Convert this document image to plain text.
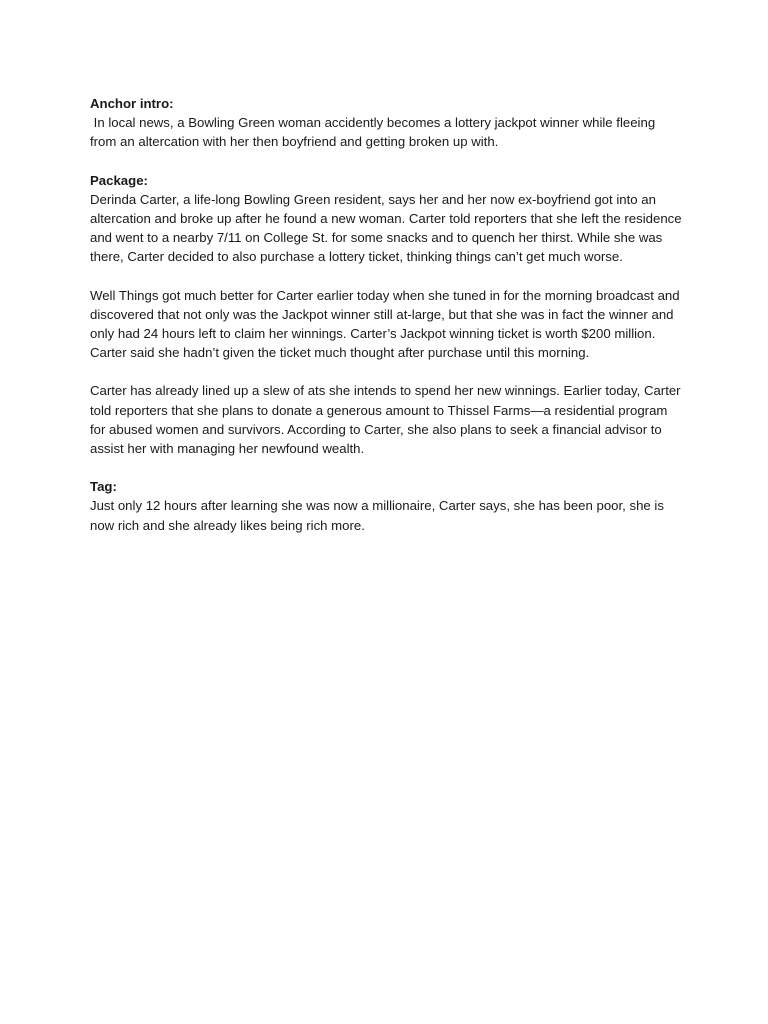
Anchor intro:

In local news, a Bowling Green woman accidently becomes a lottery jackpot winner while fleeing from an altercation with her then boyfriend and getting broken up with.

Package:

Derinda Carter, a life-long Bowling Green resident, says her and her now ex-boyfriend got into an altercation and broke up after he found a new woman. Carter told reporters that she left the residence and went to a nearby 7/11 on College St. for some snacks and to quench her thirst. While she was there, Carter decided to also purchase a lottery ticket, thinking things can’t get much worse.

Well Things got much better for Carter earlier today when she tuned in for the morning broadcast and discovered that not only was the Jackpot winner still at-large, but that she was in fact the winner and only had 24 hours left to claim her winnings. Carter’s Jackpot winning ticket is worth $200 million.

Carter said she hadn’t given the ticket much thought after purchase until this morning.

Carter has already lined up a slew of ats she intends to spend her new winnings. Earlier today, Carter told reporters that she plans to donate a generous amount to Thissel Farms—a residential program for abused women and survivors. According to Carter, she also plans to seek a financial advisor to assist her with managing her newfound wealth.

Tag:

Just only 12 hours after learning she was now a millionaire, Carter says, she has been poor, she is now rich and she already likes being rich more.
